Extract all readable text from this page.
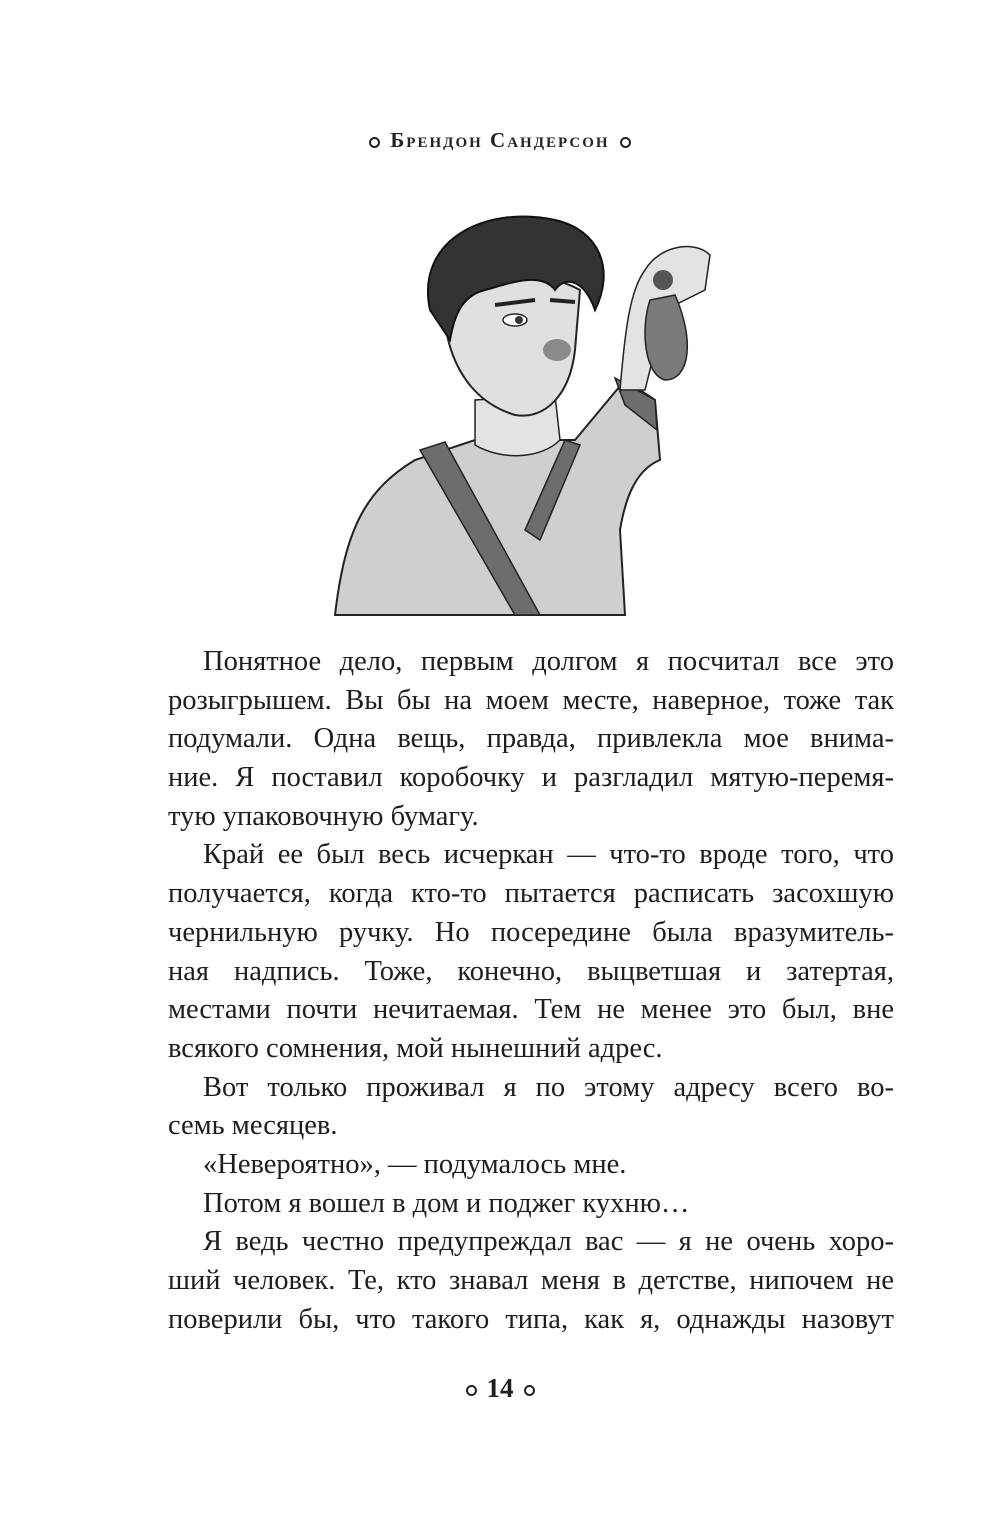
Брендон Сандерсон
Понятное дело, первым долгом я посчитал все это
розыгрышем. Вы бы на моем месте, наверное, тоже так
подумали. Одна вещь, правда, привлекла мое внима-
ние. Я поставил коробочку и разгладил мятую-перемя-
тую упаковочную бумагу.
Край ее был весь исчеркан — что-то вроде того, что
получается, когда кто-то пытается расписать засохшую
чернильную ручку. Но посередине была вразумитель-
ная надпись. Тоже, конечно, выцветшая и затертая,
местами почти нечитаемая. Тем не менее это был, вне
всякого сомнения, мой нынешний адрес.
Вот только проживал я по этому адресу всего во-
семь месяцев.
«Невероятно», — подумалось мне.
Потом я вошел в дом и поджег кухню…
Я ведь честно предупреждал вас — я не очень хоро-
ший человек. Те, кто знавал меня в детстве, нипочем не
поверили бы, что такого типа, как я, однажды назовут
14
